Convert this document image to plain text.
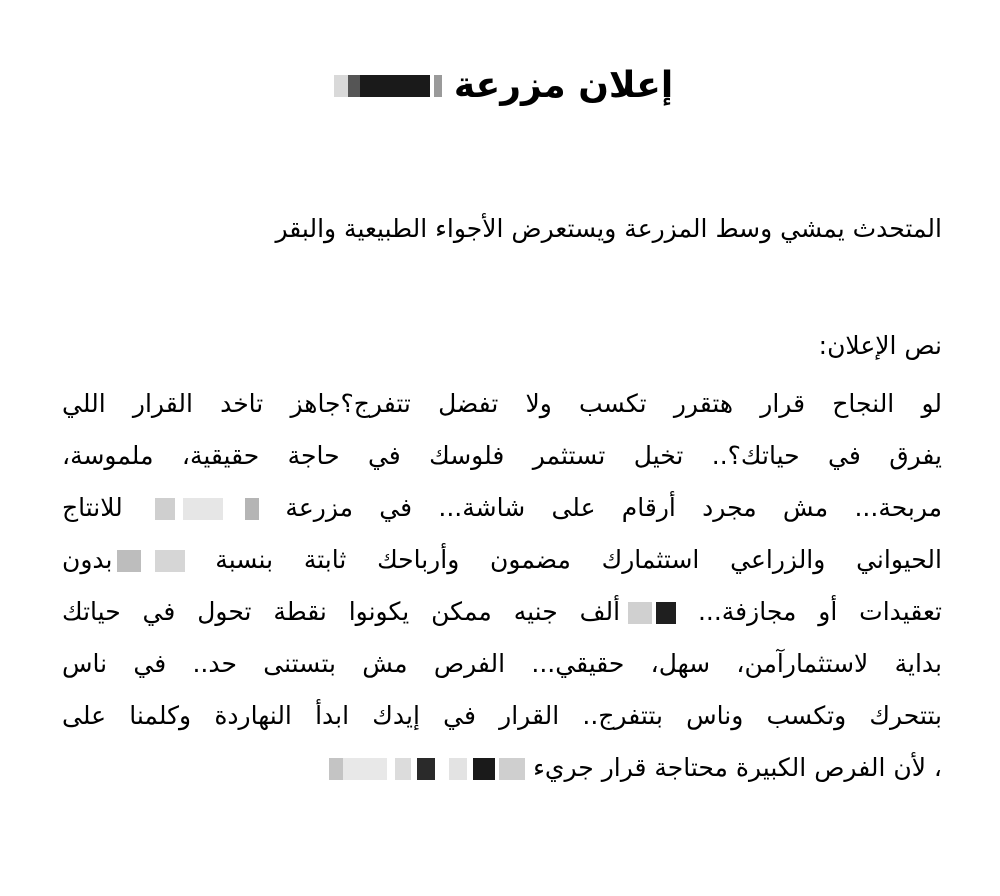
إعلان مزرعة
المتحدث يمشي وسط المزرعة ويستعرض الأجواء الطبيعية والبقر
نص الإعلان:
لو النجاح قرار هتقرر تكسب ولا تفضل تتفرج؟جاهز تاخد القرار اللي
يفرق في حياتك؟.. تخيل تستثمر فلوسك في حاجة حقيقية، ملموسة،
مربحة... مش مجرد أرقام على شاشة... في مزرعة
للانتاج
الحيواني والزراعي استثمارك مضمون وأرباحك ثابتة بنسبة
بدون
تعقيدات أو مجازفة...
ألف جنيه ممكن يكونوا نقطة تحول في حياتك
بداية لاستثمارآمن، سهل، حقيقي... الفرص مش بتستنى حد.. في ناس
بتتحرك وتكسب وناس بتتفرج.. القرار في إيدك ابدأ النهاردة وكلمنا على
، لأن الفرص الكبيرة محتاجة قرار جريء
